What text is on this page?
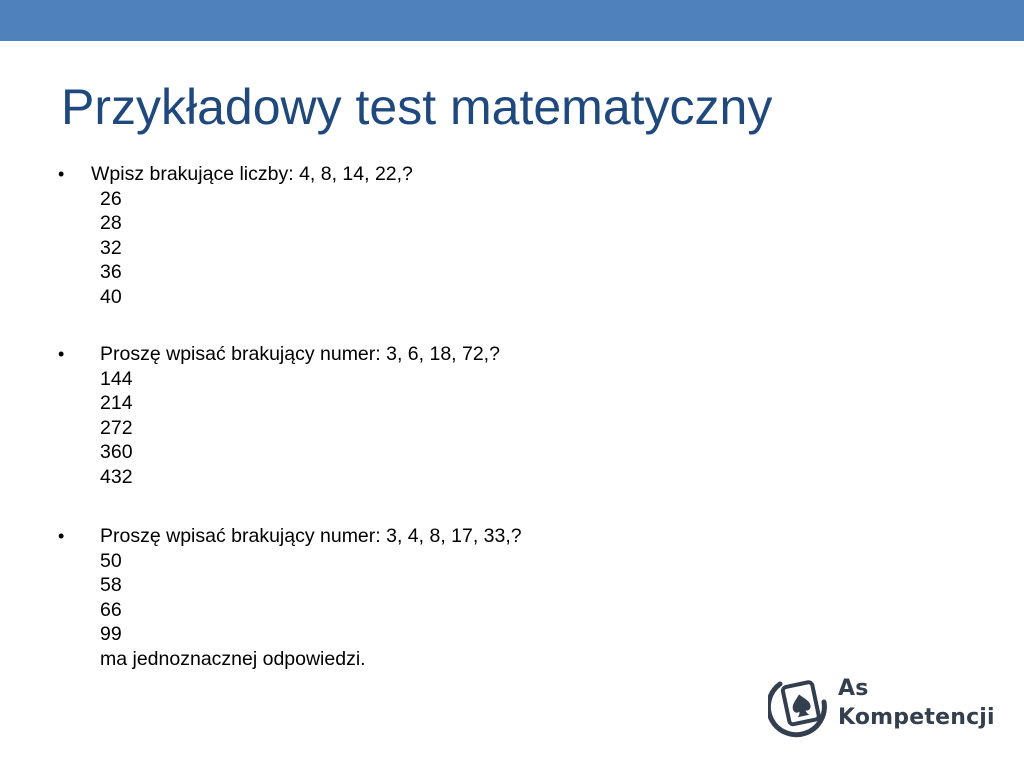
Przykładowy test matematyczny
• Wpisz brakujące liczby: 4, 8, 14, 22,?
26
28
32
36
40
• Proszę wpisać brakujący numer: 3, 6, 18, 72,?
144
214
272
360
432
• Proszę wpisać brakujący numer: 3, 4, 8, 17, 33,?
50
58
66
99
ma jednoznacznej odpowiedzi.
As
Kompetencji
